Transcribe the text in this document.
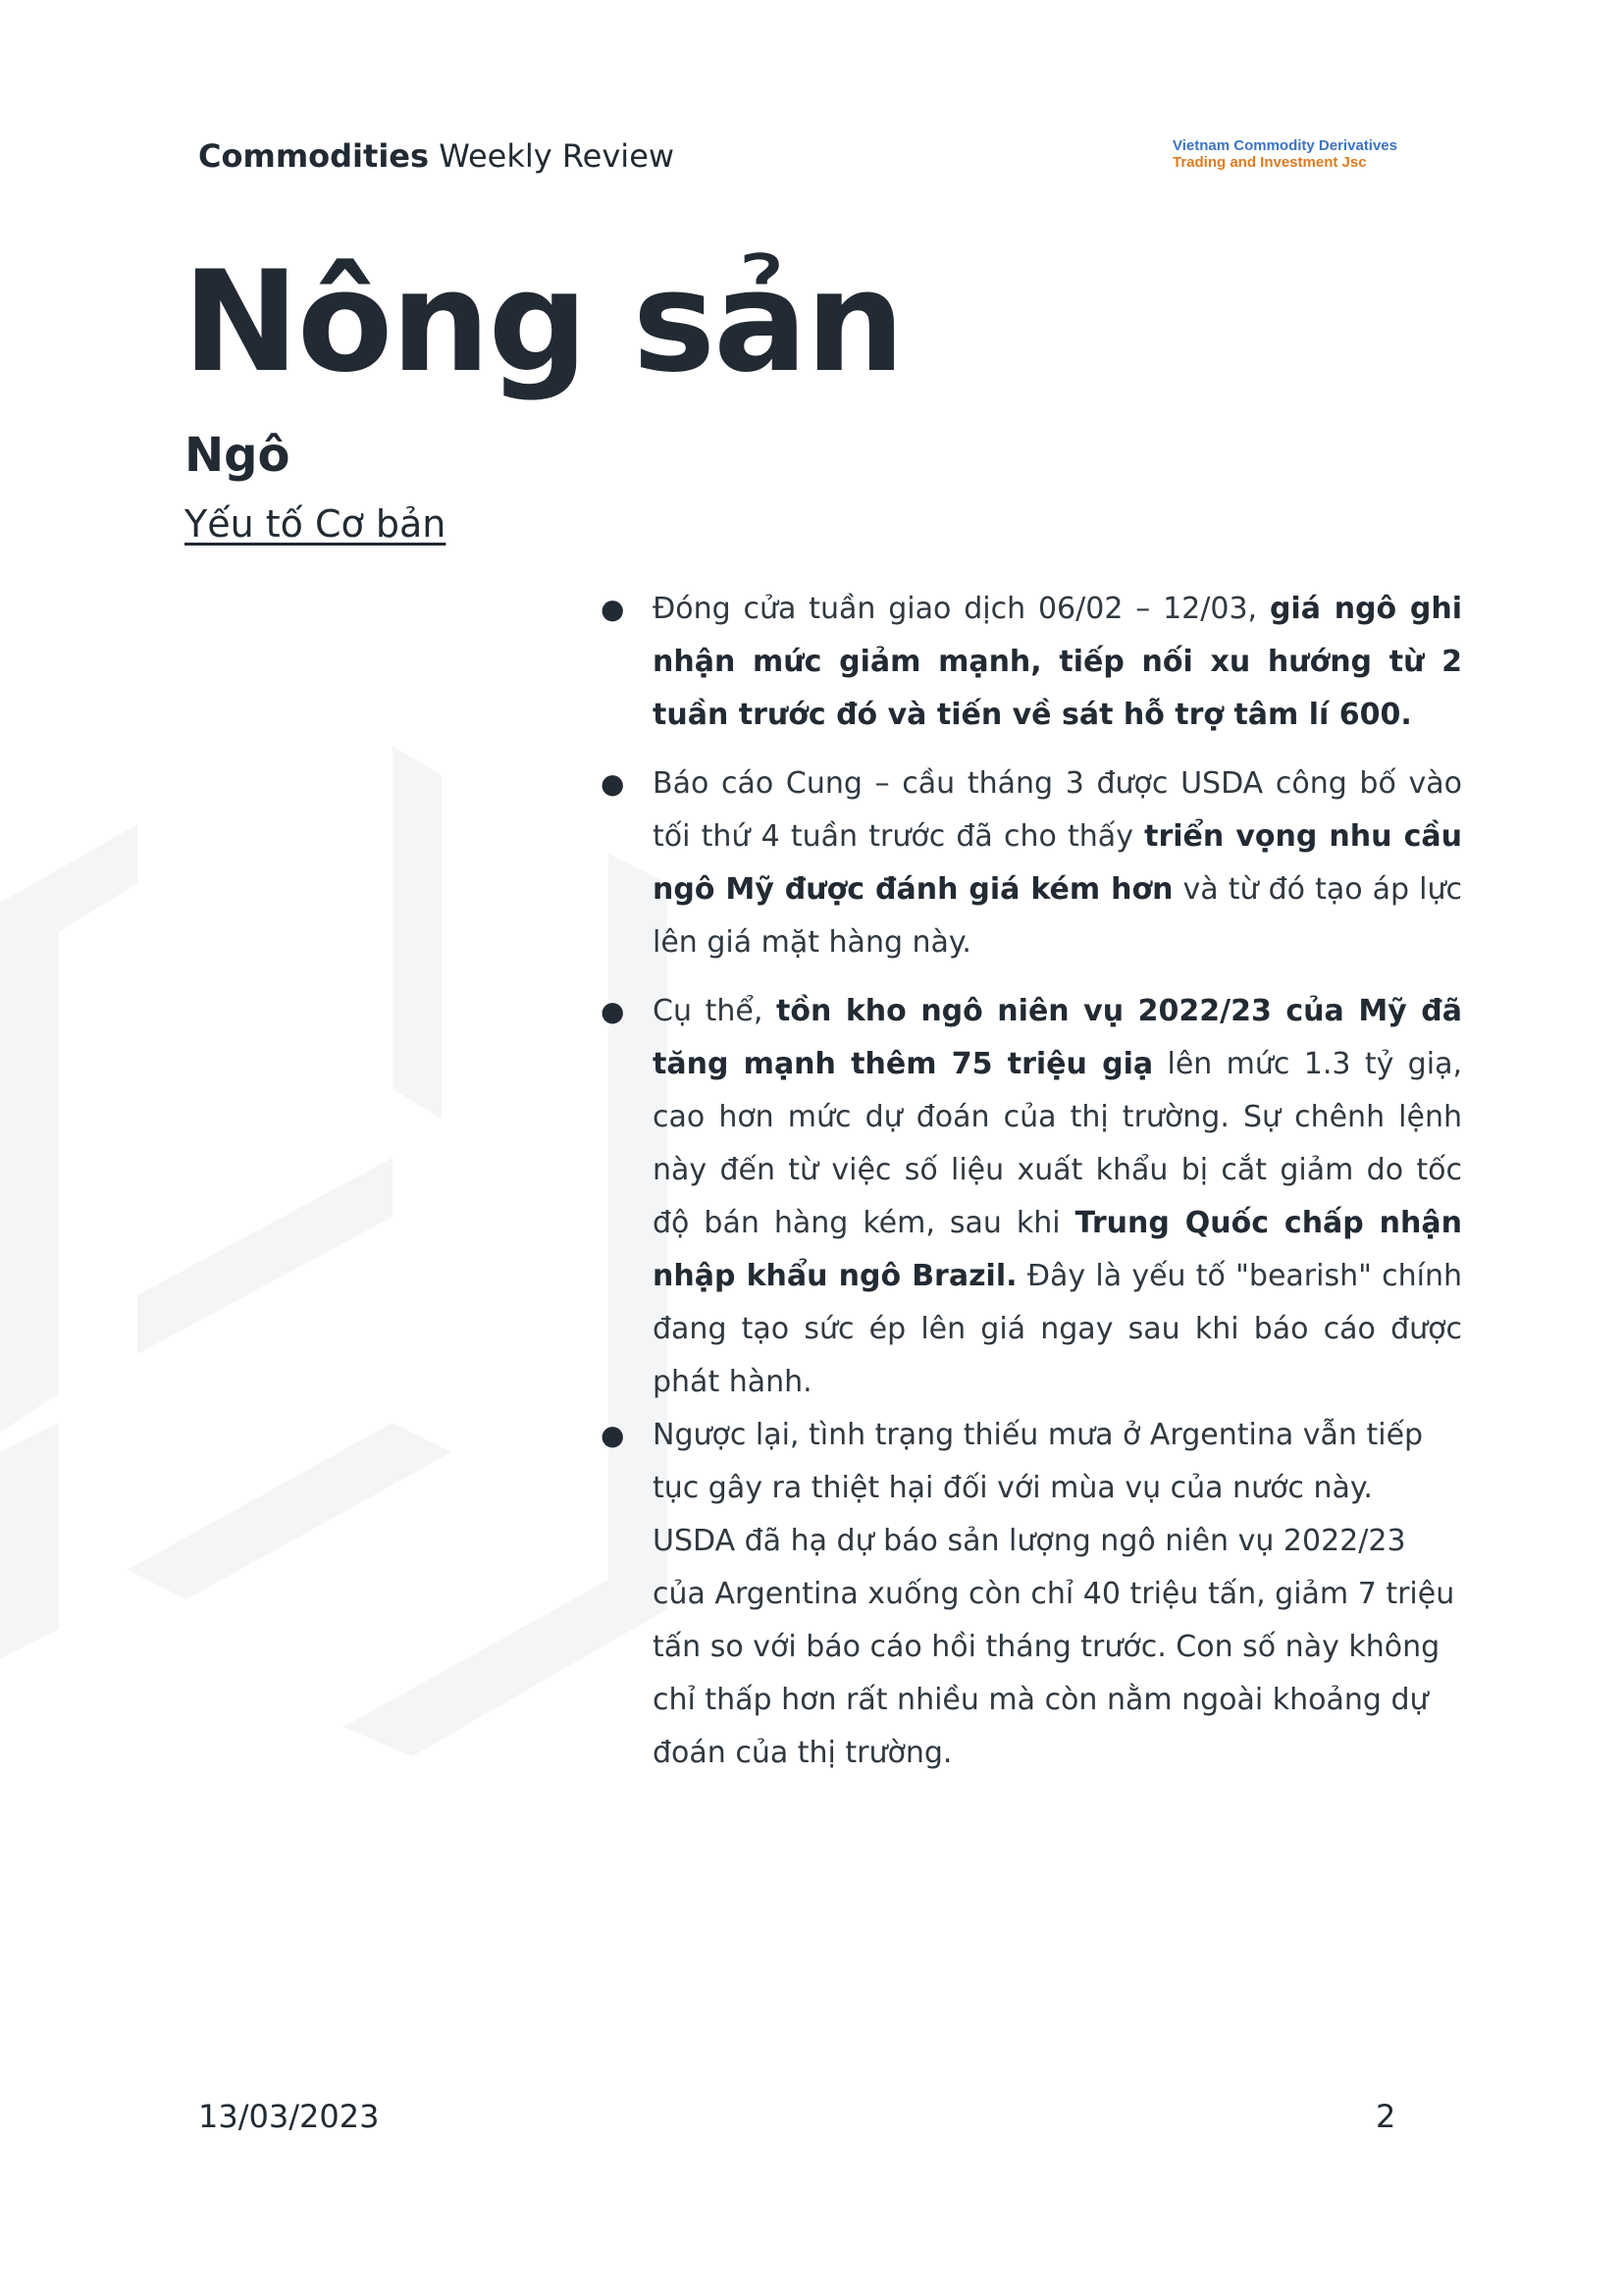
Commodities Weekly Review	Vietnam Commodity Derivatives
Trading and Investment Jsc
Nông sản
Ngô
Yếu tố Cơ bản
● Đóng cửa tuần giao dịch 06/02 – 12/03, giá ngô ghi nhận mức giảm mạnh, tiếp nối xu hướng từ 2 tuần trước đó và tiến về sát hỗ trợ tâm lí 600.
● Báo cáo Cung – cầu tháng 3 được USDA công bố vào tối thứ 4 tuần trước đã cho thấy triển vọng nhu cầu ngô Mỹ được đánh giá kém hơn và từ đó tạo áp lực lên giá mặt hàng này.
● Cụ thể, tồn kho ngô niên vụ 2022/23 của Mỹ đã tăng mạnh thêm 75 triệu giạ lên mức 1.3 tỷ giạ, cao hơn mức dự đoán của thị trường. Sự chênh lệnh này đến từ việc số liệu xuất khẩu bị cắt giảm do tốc độ bán hàng kém, sau khi Trung Quốc chấp nhận nhập khẩu ngô Brazil. Đây là yếu tố "bearish" chính đang tạo sức ép lên giá ngay sau khi báo cáo được phát hành.
● Ngược lại, tình trạng thiếu mưa ở Argentina vẫn tiếp tục gây ra thiệt hại đối với mùa vụ của nước này. USDA đã hạ dự báo sản lượng ngô niên vụ 2022/23 của Argentina xuống còn chỉ 40 triệu tấn, giảm 7 triệu tấn so với báo cáo hồi tháng trước. Con số này không chỉ thấp hơn rất nhiều mà còn nằm ngoài khoảng dự đoán của thị trường.
13/03/2023	2
